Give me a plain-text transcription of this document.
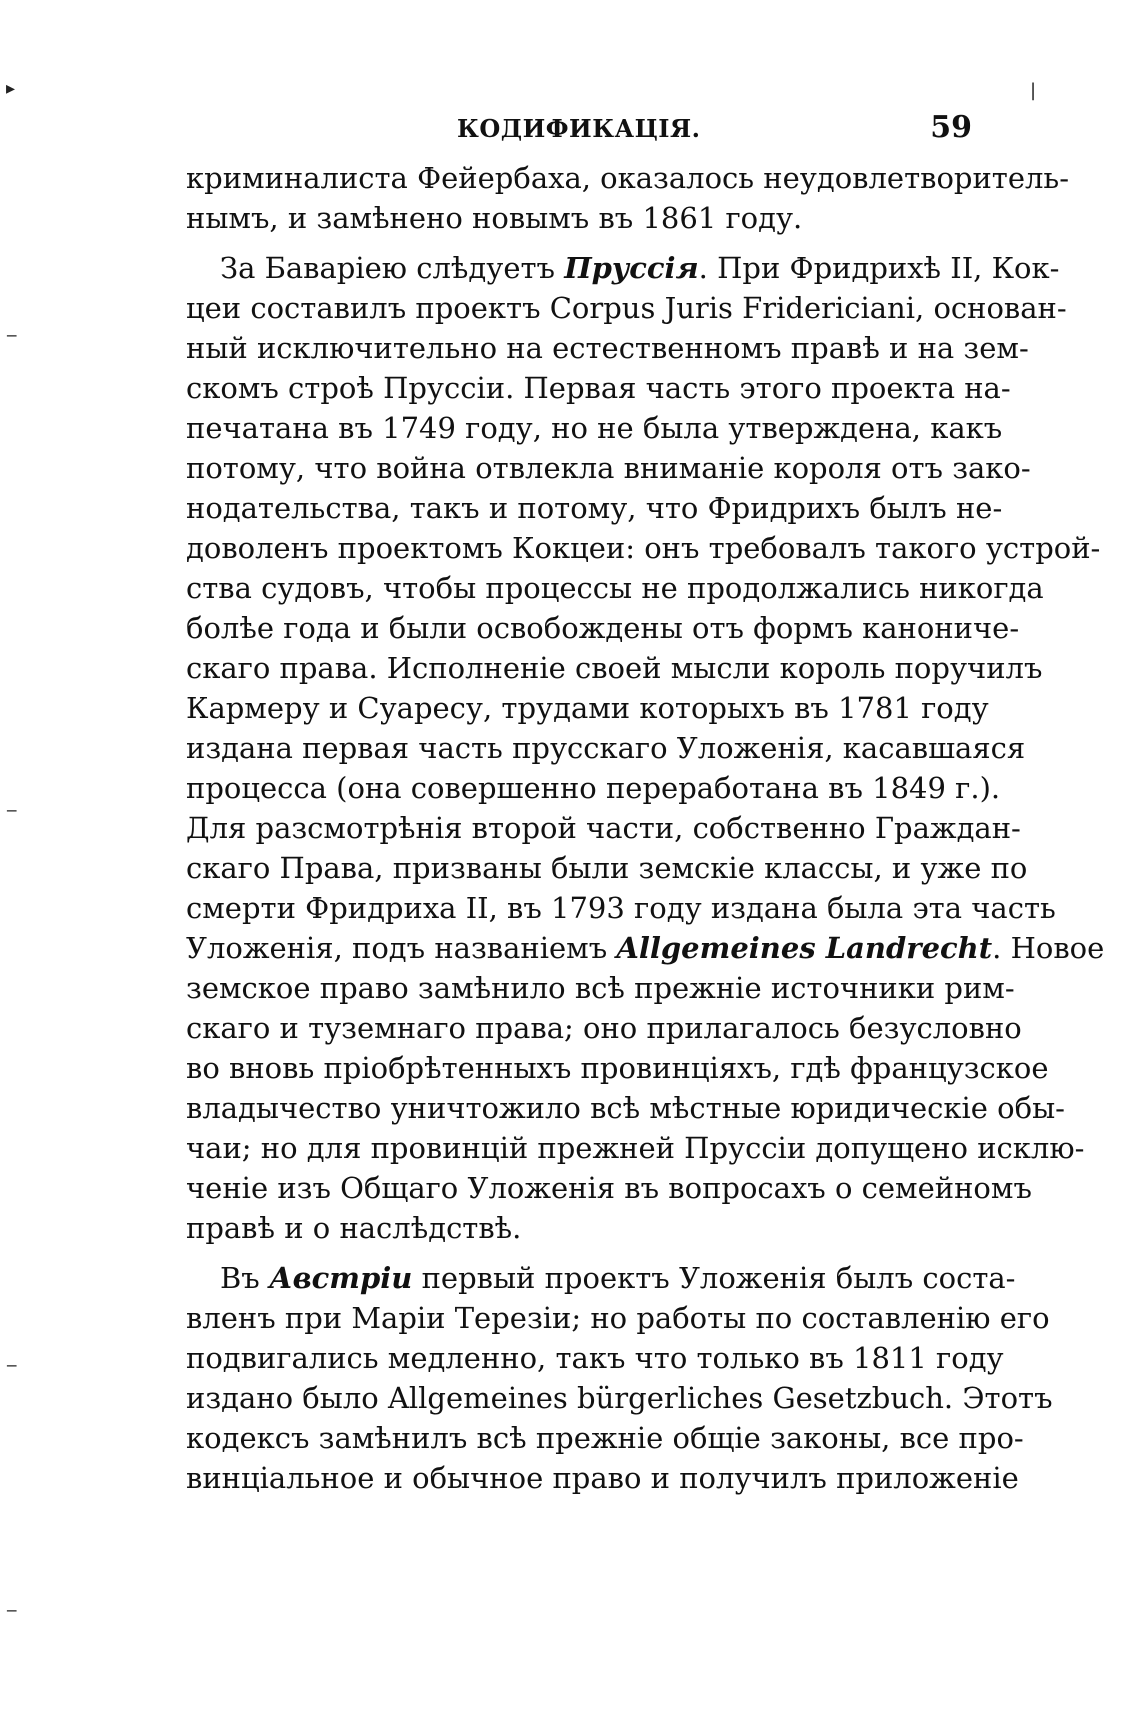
КОДИФИКАЦІЯ.	59
криминалиста Фейербаха, оказалось неудовлетворитель-
нымъ, и замѣнено новымъ въ 1861 году.
За Баваріею слѣдуетъ Пруссія. При Фридрихѣ II, Кок-
цеи составилъ проектъ Corpus Juris Fridericiani, основан-
ный исключительно на естественномъ правѣ и на зем-
скомъ строѣ Пруссіи. Первая часть этого проекта на-
печатана въ 1749 году, но не была утверждена, какъ
потому, что война отвлекла вниманіе короля отъ зако-
нодательства, такъ и потому, что Фридрихъ былъ не-
доволенъ проектомъ Кокцеи: онъ требовалъ такого устрой-
ства судовъ, чтобы процессы не продолжались никогда
болѣе года и были освобождены отъ формъ канониче-
скаго права. Исполненіе своей мысли король поручилъ
Кармеру и Суаресу, трудами которыхъ въ 1781 году
издана первая часть прусскаго Уложенія, касавшаяся
процесса (она совершенно переработана въ 1849 г.).
Для разсмотрѣнія второй части, собственно Граждан-
скаго Права, призваны были земскіе классы, и уже по
смерти Фридриха II, въ 1793 году издана была эта часть
Уложенія, подъ названіемъ Allgemeines Landrecht. Новое
земское право замѣнило всѣ прежніе источники рим-
скаго и туземнаго права; оно прилагалось безусловно
во вновь пріобрѣтенныхъ провинціяхъ, гдѣ французское
владычество уничтожило всѣ мѣстные юридическіе обы-
чаи; но для провинцій прежней Пруссіи допущено исклю-
ченіе изъ Общаго Уложенія въ вопросахъ о семейномъ
правѣ и о наслѣдствѣ.
Въ Австріи первый проектъ Уложенія былъ соста-
вленъ при Маріи Терезіи; но работы по составленію его
подвигались медленно, такъ что только въ 1811 году
издано было Allgemeines bürgerliches Gesetzbuch. Этотъ
кодексъ замѣнилъ всѣ прежніе общіе законы, все про-
винціальное и обычное право и получилъ приложеніе
▸
‒
‒
‒
‒
|
